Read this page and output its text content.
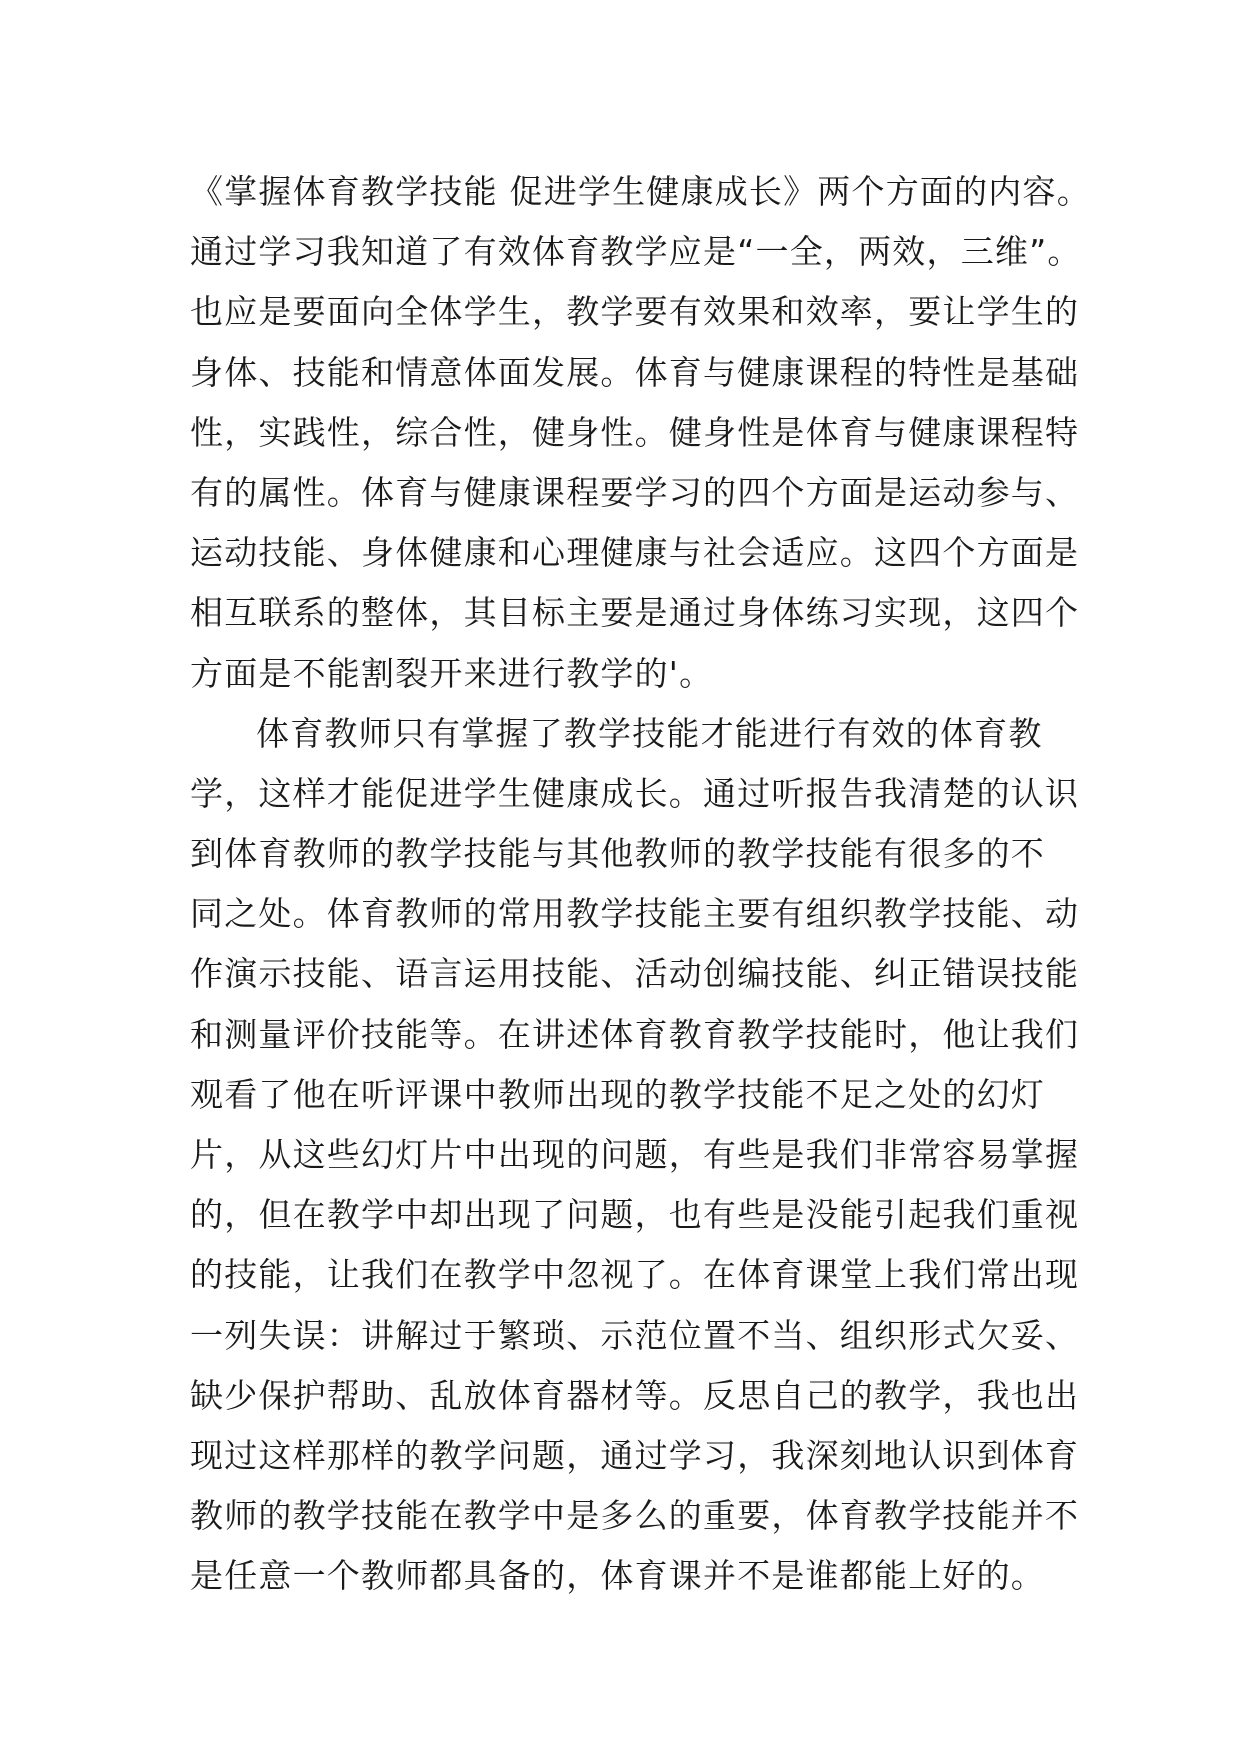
《掌握体育教学技能 促进学生健康成长》两个方面的内容。
通过学习我知道了有效体育教学应是“一全，两效，三维”。
也应是要面向全体学生，教学要有效果和效率，要让学生的
身体、技能和情意体面发展。体育与健康课程的特性是基础
性，实践性，综合性，健身性。健身性是体育与健康课程特
有的属性。体育与健康课程要学习的四个方面是运动参与、
运动技能、身体健康和心理健康与社会适应。这四个方面是
相互联系的整体，其目标主要是通过身体练习实现，这四个
方面是不能割裂开来进行教学的'。
体育教师只有掌握了教学技能才能进行有效的体育教
学，这样才能促进学生健康成长。通过听报告我清楚的认识
到体育教师的教学技能与其他教师的教学技能有很多的不
同之处。体育教师的常用教学技能主要有组织教学技能、动
作演示技能、语言运用技能、活动创编技能、纠正错误技能
和测量评价技能等。在讲述体育教育教学技能时，他让我们
观看了他在听评课中教师出现的教学技能不足之处的幻灯
片，从这些幻灯片中出现的问题，有些是我们非常容易掌握
的，但在教学中却出现了问题，也有些是没能引起我们重视
的技能，让我们在教学中忽视了。在体育课堂上我们常出现
一列失误：讲解过于繁琐、示范位置不当、组织形式欠妥、
缺少保护帮助、乱放体育器材等。反思自己的教学，我也出
现过这样那样的教学问题，通过学习，我深刻地认识到体育
教师的教学技能在教学中是多么的重要，体育教学技能并不
是任意一个教师都具备的，体育课并不是谁都能上好的。
